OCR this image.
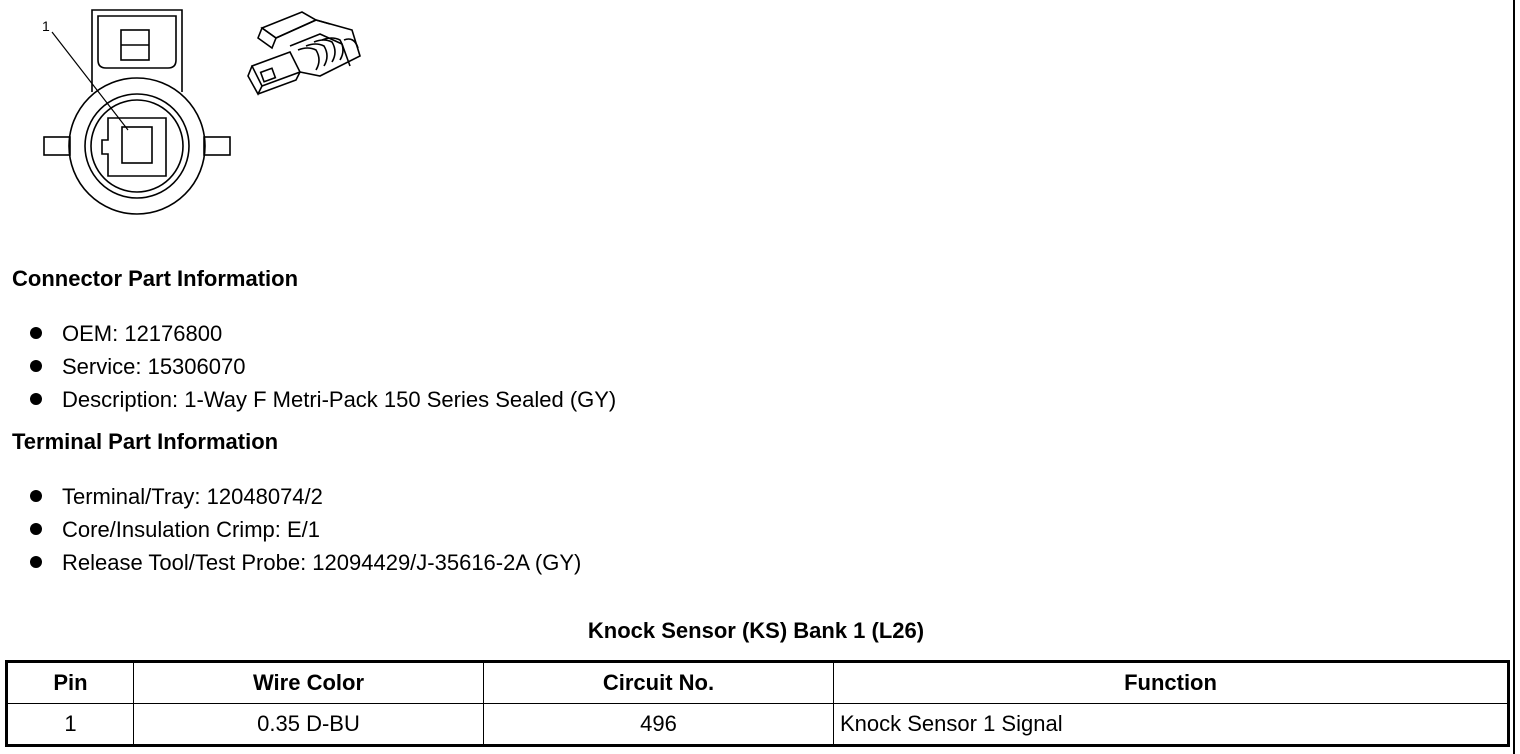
1
Connector Part Information
OEM: 12176800
Service: 15306070
Description: 1-Way F Metri-Pack 150 Series Sealed (GY)
Terminal Part Information
Terminal/Tray: 12048074/2
Core/Insulation Crimp: E/1
Release Tool/Test Probe: 12094429/J-35616-2A (GY)
Knock Sensor (KS) Bank 1 (L26)
Pin	Wire Color	Circuit No.	Function
1	0.35 D-BU	496	Knock Sensor 1 Signal
